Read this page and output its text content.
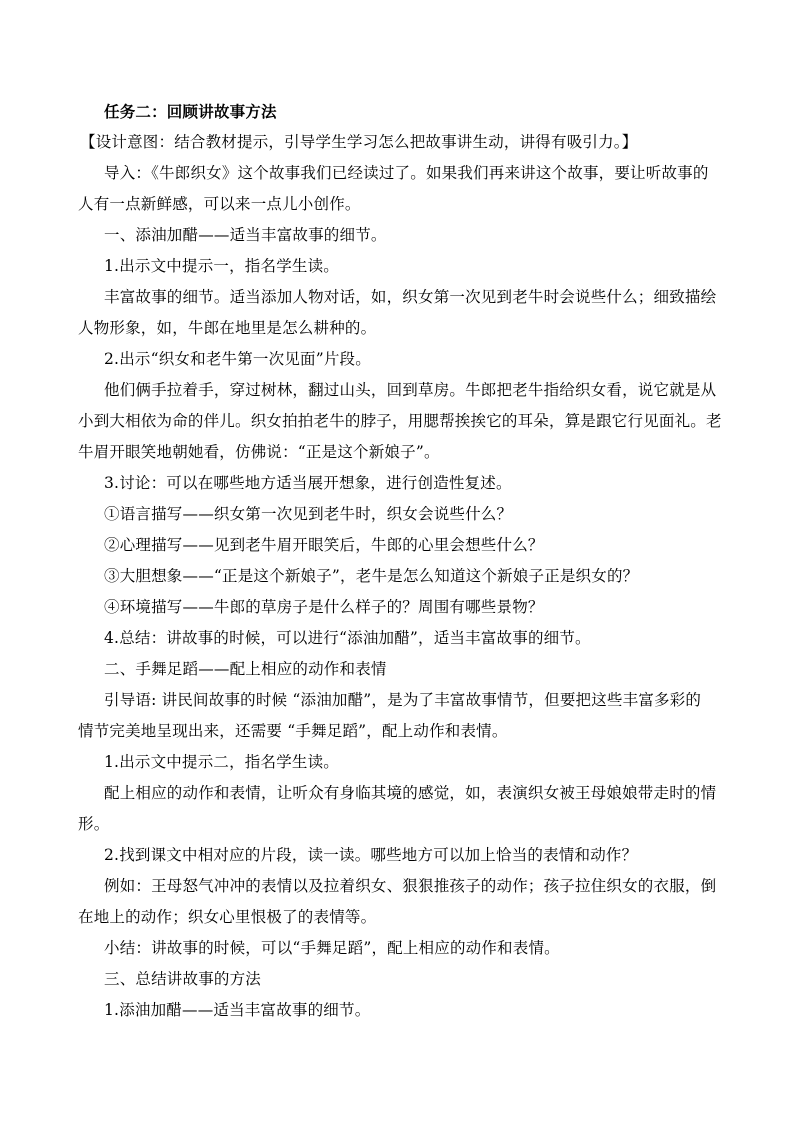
任务二：回顾讲故事方法
【设计意图：结合教材提示，引导学生学习怎么把故事讲生动，讲得有吸引力。】
导入：《牛郎织女》这个故事我们已经读过了。如果我们再来讲这个故事，要让听故事的
人有一点新鲜感，可以来一点儿小创作。
一、添油加醋——适当丰富故事的细节。
1.出示文中提示一，指名学生读。
丰富故事的细节。适当添加人物对话，如，织女第一次见到老牛时会说些什么；细致描绘
人物形象，如，牛郎在地里是怎么耕种的。
2.出示“织女和老牛第一次见面”片段。
他们俩手拉着手，穿过树林，翻过山头，回到草房。牛郎把老牛指给织女看，说它就是从
小到大相依为命的伴儿。织女拍拍老牛的脖子，用腮帮挨挨它的耳朵，算是跟它行见面礼。老
牛眉开眼笑地朝她看，仿佛说：“正是这个新娘子”。
3.讨论：可以在哪些地方适当展开想象，进行创造性复述。
①语言描写——织女第一次见到老牛时，织女会说些什么？
②心理描写——见到老牛眉开眼笑后，牛郎的心里会想些什么？
③大胆想象——“正是这个新娘子”，老牛是怎么知道这个新娘子正是织女的？
④环境描写——牛郎的草房子是什么样子的？周围有哪些景物？
4.总结：讲故事的时候，可以进行“添油加醋”，适当丰富故事的细节。
二、手舞足蹈——配上相应的动作和表情
引导语: 讲民间故事的时候 “添油加醋”，是为了丰富故事情节，但要把这些丰富多彩的
情节完美地呈现出来，还需要 “手舞足蹈”，配上动作和表情。
1.出示文中提示二，指名学生读。
配上相应的动作和表情，让听众有身临其境的感觉，如，表演织女被王母娘娘带走时的情
形。
2.找到课文中相对应的片段，读一读。哪些地方可以加上恰当的表情和动作？
例如：王母怒气冲冲的表情以及拉着织女、狠狠推孩子的动作；孩子拉住织女的衣服，倒
在地上的动作；织女心里恨极了的表情等。
小结：讲故事的时候，可以“手舞足蹈”，配上相应的动作和表情。
三、总结讲故事的方法
1.添油加醋——适当丰富故事的细节。
